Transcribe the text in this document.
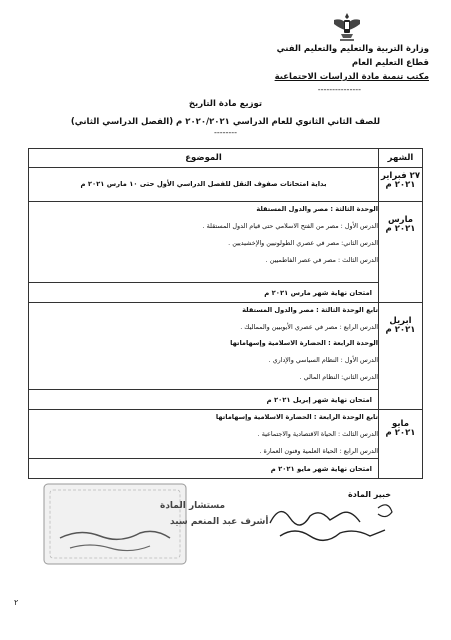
وزارة التربية والتعليم والتعليم الفني
قطاع التعليم العام
مكتب تنمية مادة الدراسات الاجتماعية
---------------
توزيع مادة التاريخ
للصف الثاني الثانوي للعام الدراسي ٢٠٢٠/٢٠٢١ م (الفصل الدراسي الثاني)
--------
الشهر	الموضوع

٢٧ فبراير
٢٠٢١ م	بداية امتحانات صفوف النقل للفصل الدراسي الأول حتى ١٠ مارس ٢٠٢١ م

مارس
٢٠٢١ م	الوحدة الثالثة : مصر والدول المستقلة
الدرس الأول : مصر من الفتح الاسلامي حتى قيام الدول المستقلة .
الدرس الثاني: مصر في عصري الطولونيين والإخشيديين .
الدرس الثالث : مصر في عصر الفاطميين .

	امتحان نهاية شهر مارس ٢٠٢١ م

ابريل
٢٠٢١ م	تابع الوحدة الثالثة : مصر والدول المستقلة
الدرس الرابع : مصر في عصري الأيوبيين والمماليك .
الوحدة الرابعة : الحضارة الاسلامية وإسهاماتها
الدرس الأول : النظام السياسي والإداري .
الدرس الثاني: النظام المالي .

	امتحان نهاية شهر إبريل ٢٠٢١ م

مايو
٢٠٢١ م	تابع الوحدة الرابعة : الحضارة الاسلامية وإسهاماتها
الدرس الثالث : الحياة الاقتصادية والاجتماعية .
الدرس الرابع : الحياة العلمية وفنون العمارة .

	امتحان نهاية شهر مايو ٢٠٢١ م
خبير المادة
مستشار المادة
أشرف عبد المنعم سيد
٢
